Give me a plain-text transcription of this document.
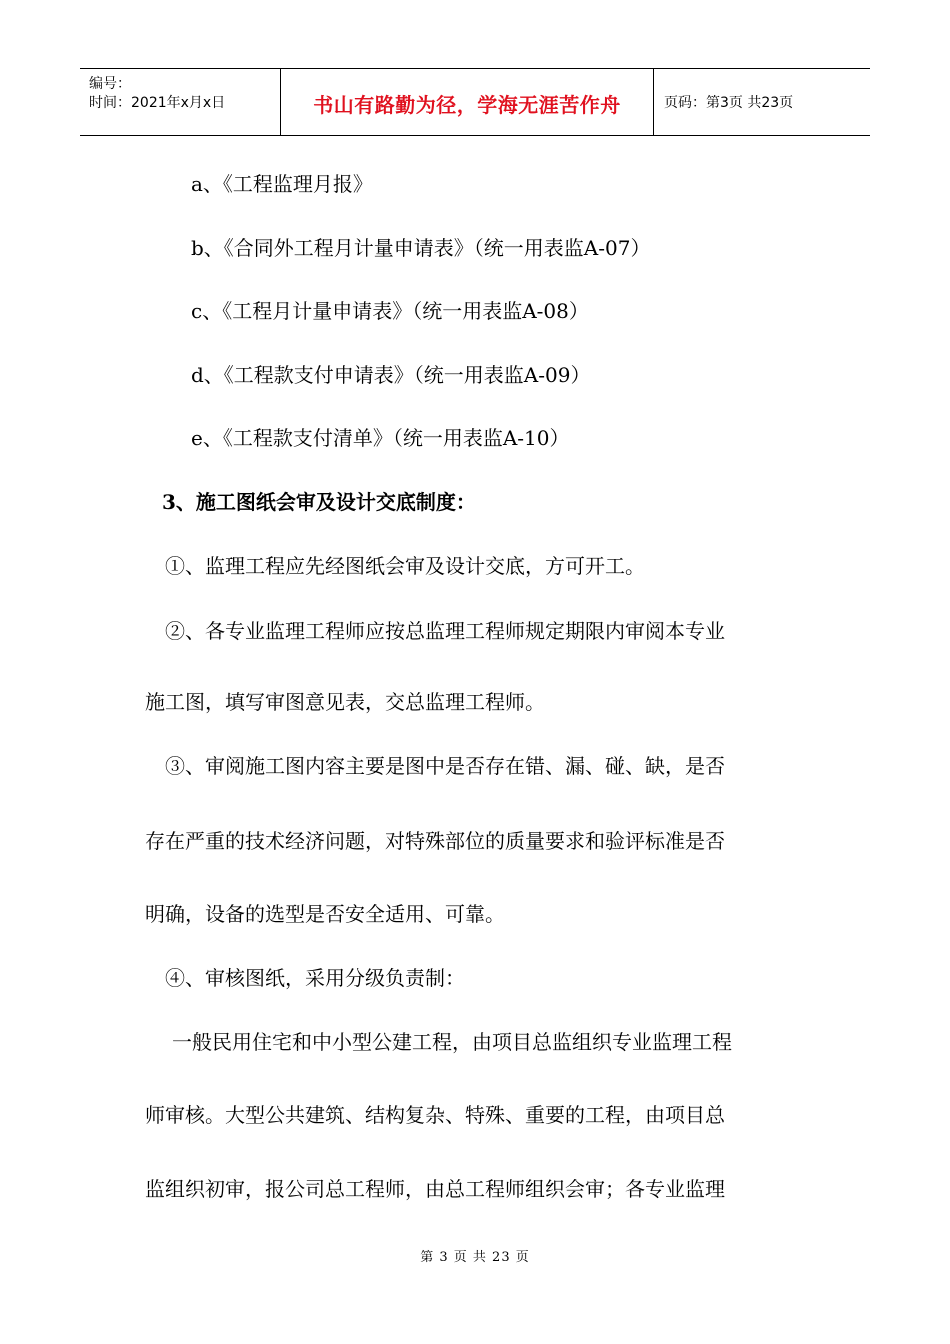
编号：
时间：2021年x月x日	书山有路勤为径，学海无涯苦作舟	页码：第3页 共23页
a、《工程监理月报》
b、《合同外工程月计量申请表》（统一用表监A-07）
c、《工程月计量申请表》（统一用表监A-08）
d、《工程款支付申请表》（统一用表监A-09）
e、《工程款支付清单》（统一用表监A-10）
3、施工图纸会审及设计交底制度：
①、监理工程应先经图纸会审及设计交底，方可开工。
②、各专业监理工程师应按总监理工程师规定期限内审阅本专业
施工图，填写审图意见表，交总监理工程师。
③、审阅施工图内容主要是图中是否存在错、漏、碰、缺，是否
存在严重的技术经济问题，对特殊部位的质量要求和验评标准是否
明确，设备的选型是否安全适用、可靠。
④、审核图纸，采用分级负责制：
一般民用住宅和中小型公建工程，由项目总监组织专业监理工程
师审核。大型公共建筑、结构复杂、特殊、重要的工程，由项目总
监组织初审，报公司总工程师，由总工程师组织会审；各专业监理
第 3 页 共 23 页
